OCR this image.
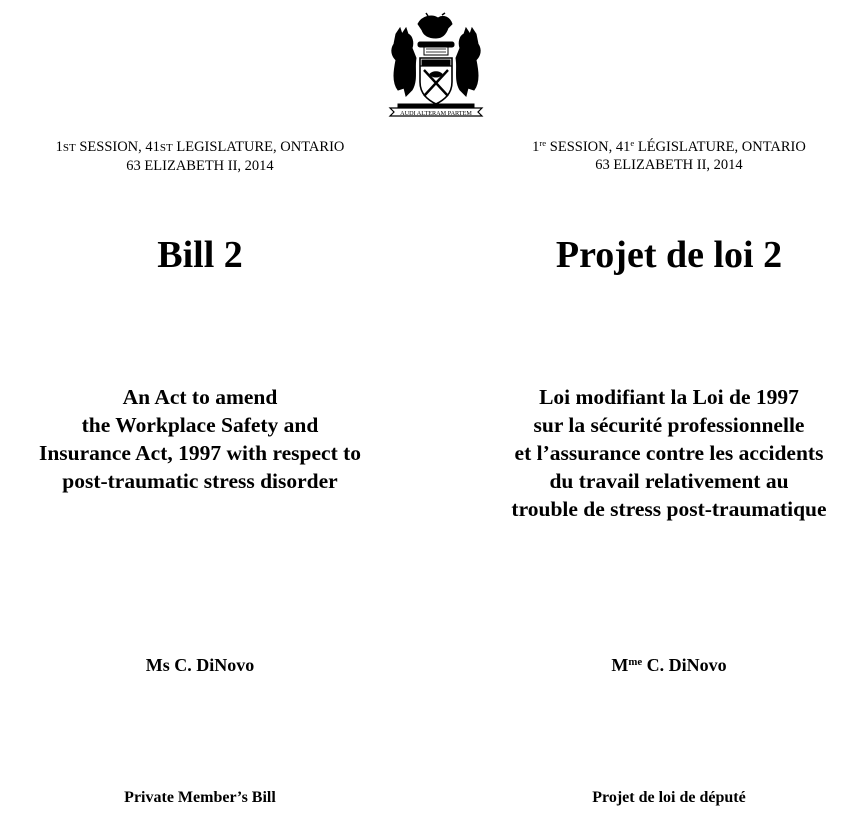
AUDI ALTERAM PARTEM
1ST SESSION, 41ST LEGISLATURE, ONTARIO
63 ELIZABETH II, 2014
Bill 2
An Act to amend
the Workplace Safety and
Insurance Act, 1997 with respect to
post-traumatic stress disorder
Ms C. DiNovo
Private Member’s Bill
1re SESSION, 41e LÉGISLATURE, ONTARIO
63 ELIZABETH II, 2014
Projet de loi 2
Loi modifiant la Loi de 1997
sur la sécurité professionnelle
et l’assurance contre les accidents
du travail relativement au
trouble de stress post-traumatique
$M^{me}$ C. DiNovo
Projet de loi de député
